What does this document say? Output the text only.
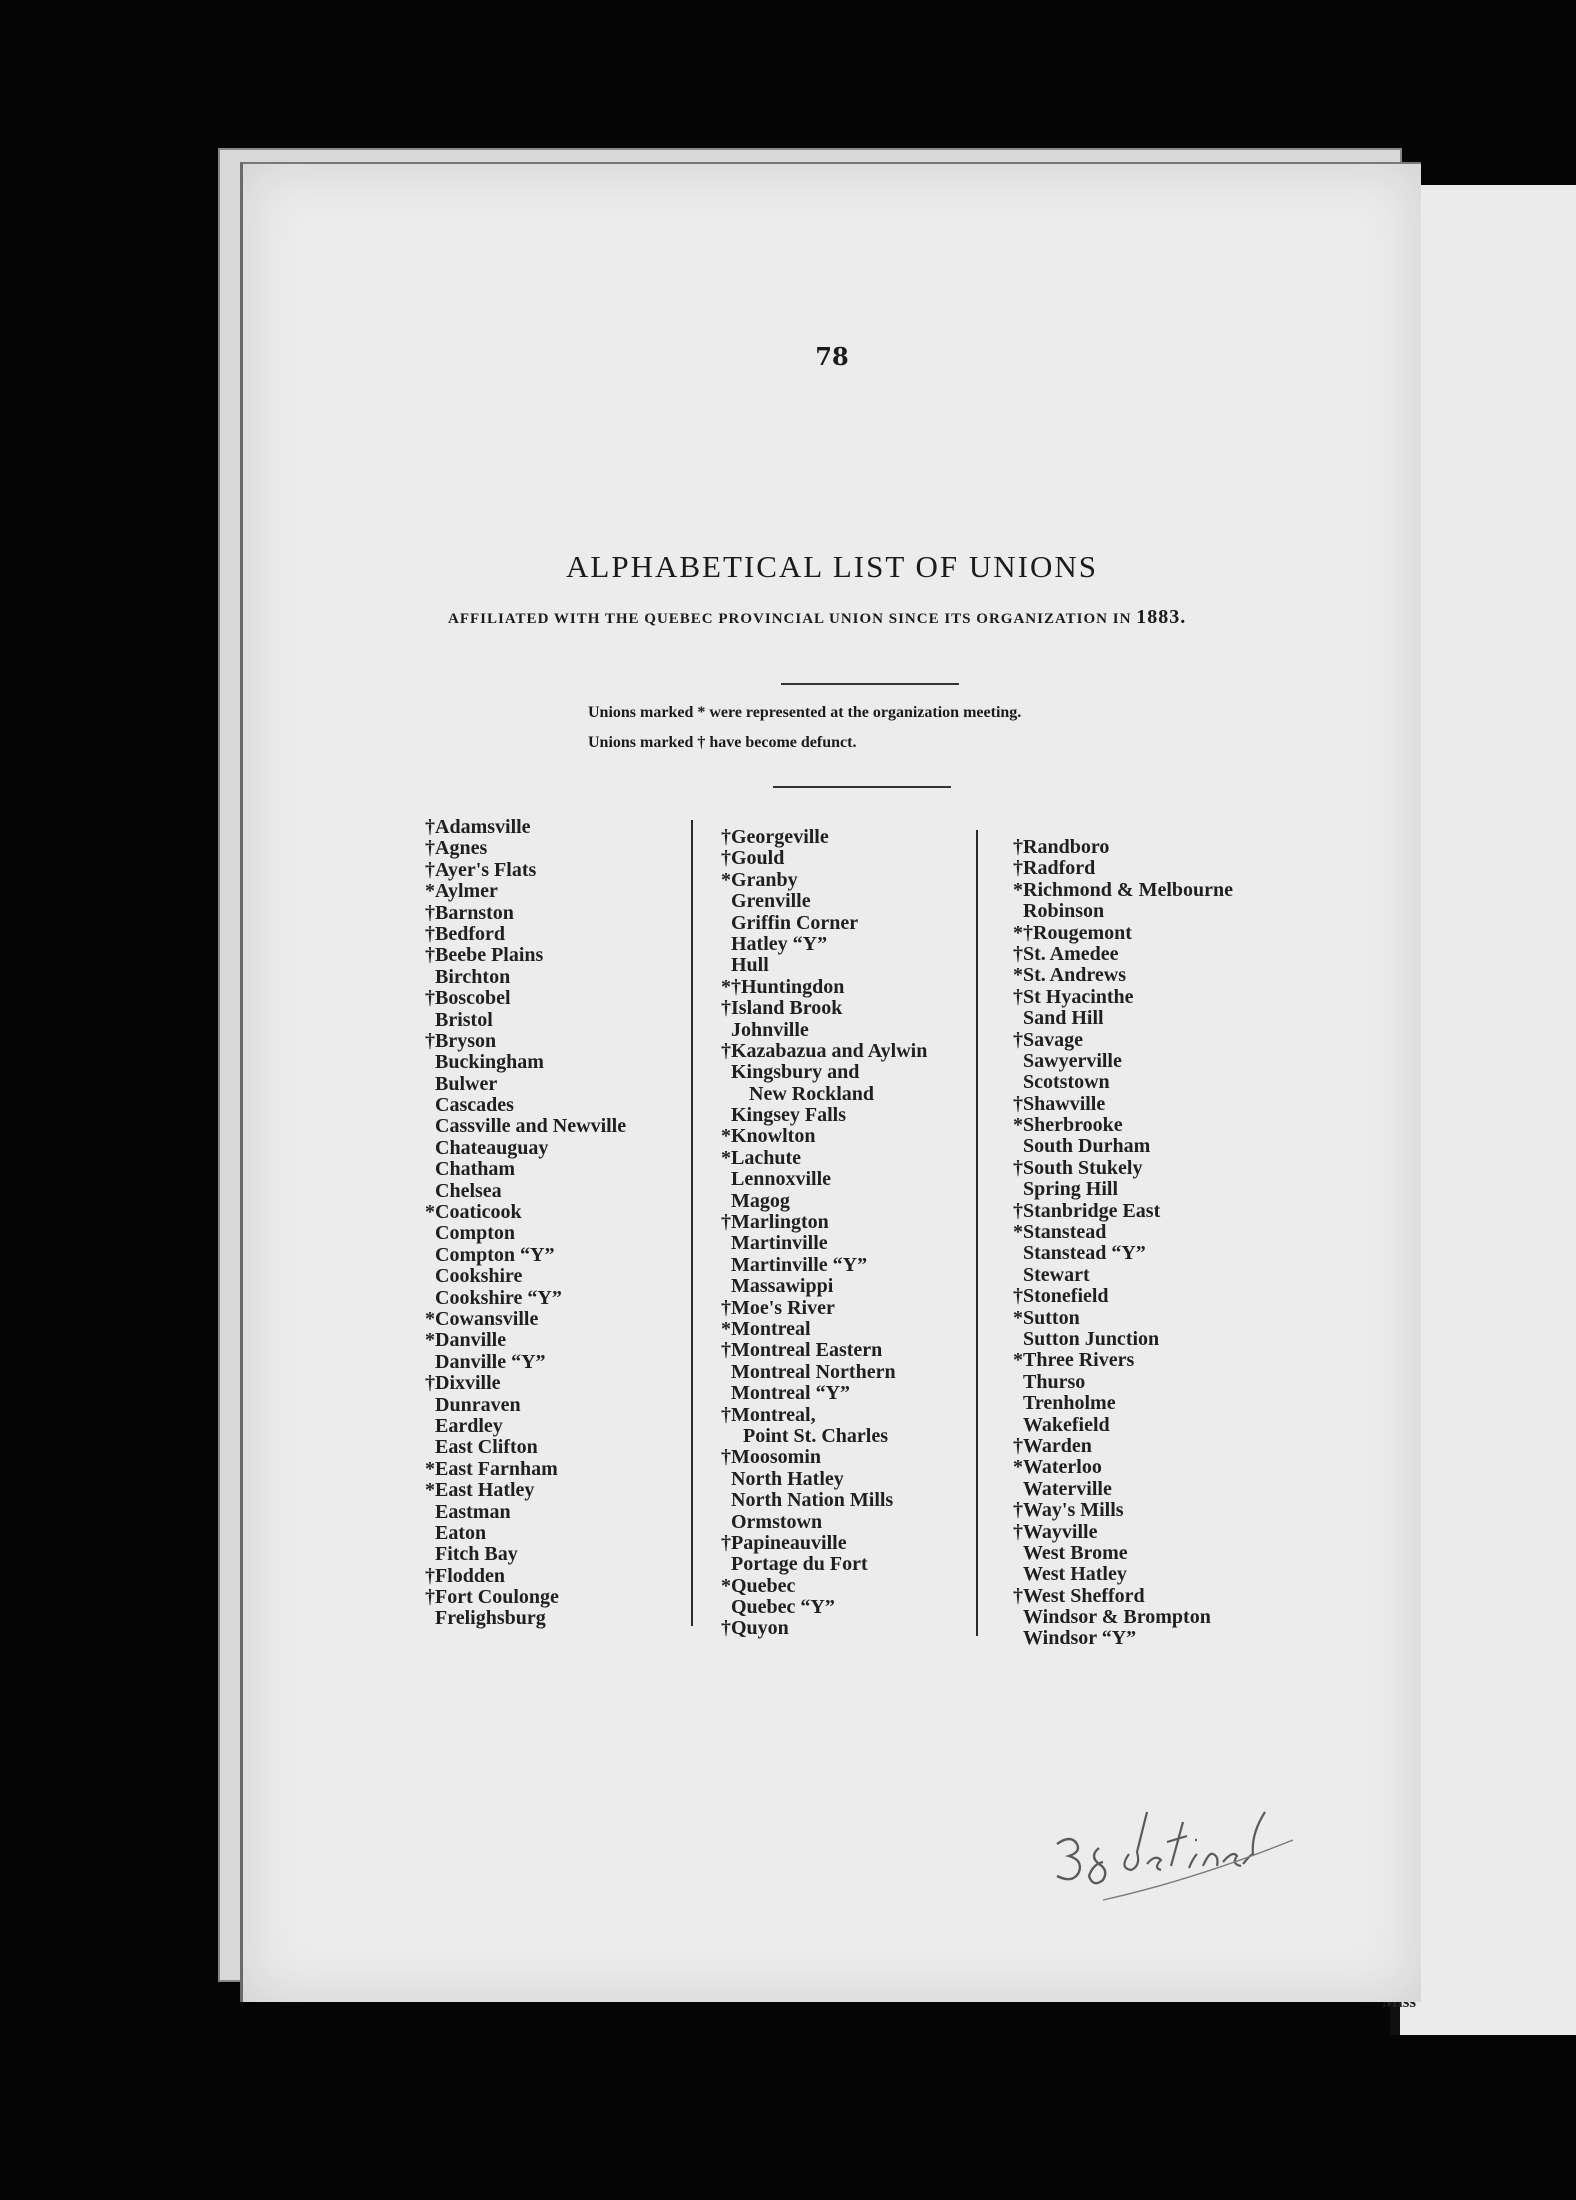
78
ALPHABETICAL LIST OF UNIONS
AFFILIATED WITH THE QUEBEC PROVINCIAL UNION SINCE ITS ORGANIZATION IN 1883.
Unions marked * were represented at the organization meeting.
Unions marked † have become defunct.
†Adamsville
†Agnes
†Ayer's Flats
*Aylmer
†Barnston
†Bedford
†Beebe Plains
Birchton
†Boscobel
Bristol
†Bryson
Buckingham
Bulwer
Cascades
Cassville and Newville
Chateauguay
Chatham
Chelsea
*Coaticook
Compton
Compton “Y”
Cookshire
Cookshire “Y”
*Cowansville
*Danville
Danville “Y”
†Dixville
Dunraven
Eardley
East Clifton
*East Farnham
*East Hatley
Eastman
Eaton
Fitch Bay
†Flodden
†Fort Coulonge
Frelighsburg
†Georgeville
†Gould
*Granby
Grenville
Griffin Corner
Hatley “Y”
Hull
*†Huntingdon
†Island Brook
Johnville
†Kazabazua and Aylwin
Kingsbury and
New Rockland
Kingsey Falls
*Knowlton
*Lachute
Lennoxville
Magog
†Marlington
Martinville
Martinville “Y”
Massawippi
†Moe's River
*Montreal
†Montreal Eastern
Montreal Northern
Montreal “Y”
†Montreal,
Point St. Charles
†Moosomin
North Hatley
North Nation Mills
Ormstown
†Papineauville
Portage du Fort
*Quebec
Quebec “Y”
†Quyon
†Randboro
†Radford
*Richmond & Melbourne
Robinson
*†Rougemont
†St. Amedee
*St. Andrews
†St Hyacinthe
Sand Hill
†Savage
Sawyerville
Scotstown
†Shawville
*Sherbrooke
South Durham
†South Stukely
Spring Hill
†Stanbridge East
*Stanstead
Stanstead “Y”
Stewart
†Stonefield
*Sutton
Sutton Junction
*Three Rivers
Thurso
Trenholme
Wakefield
†Warden
*Waterloo
Waterville
†Way's Mills
†Wayville
West Brome
West Hatley
†West Shefford
Windsor & Brompton
Windsor “Y”
